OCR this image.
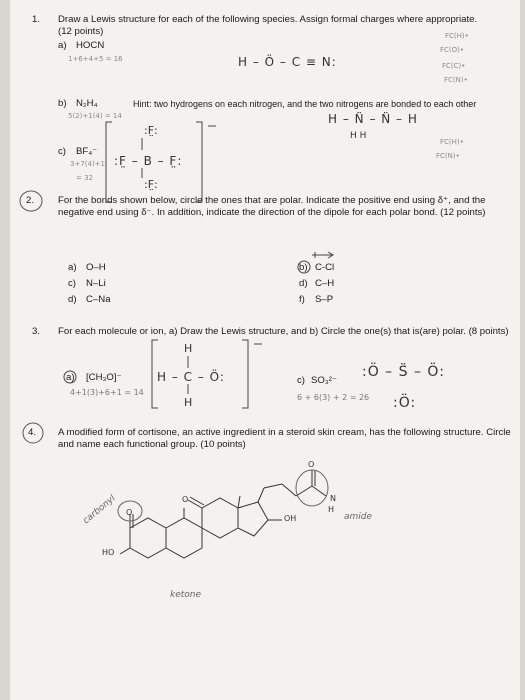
1. Draw a Lewis structure for each of the following species. Assign formal charges where appropriate. (12 points)
a) HOCN
1+6+4+5 = 16	H – Ö – C ≡ N:
FC(H)•
FC(O)•
FC(C)•
FC(N)•
b) N₂H₄	Hint: two hydrogens on each nitrogen, and the two nitrogens are bonded to each other
5(2)+1(4) = 14	H – N̈ – N̈ – H
H H
FC(H)•
FC(N)•
c) BF₄⁻
3+7(4)+1
= 32
:F̤:
:F̤ – B – F̤:
:F̤:
2. For the bonds shown below, circle the ones that are polar. Indicate the positive end using δ⁺, and the negative end using δ⁻. In addition, indicate the direction of the dipole for each polar bond. (12 points)
a) O–H
c) N–Li
d) C–Na
b) C-Cl
d) C–H
f) S–P
3. For each molecule or ion, a) Draw the Lewis structure, and b) Circle the one(s) that is(are) polar. (8 points)
a) [CH₃O]⁻
4+1(3)+6+1 = 14
H
H – C – Ö:
H
c) SO₃²⁻
6 + 6(3) + 2 = 26
:Ö – S̈ – Ö:
:Ö:
4. A modified form of cortisone, an active ingredient in a steroid skin cream, has the following structure. Circle and name each functional group. (10 points)
O
O
OH
HO
N
H
O
carbonyl
ketone
amide
